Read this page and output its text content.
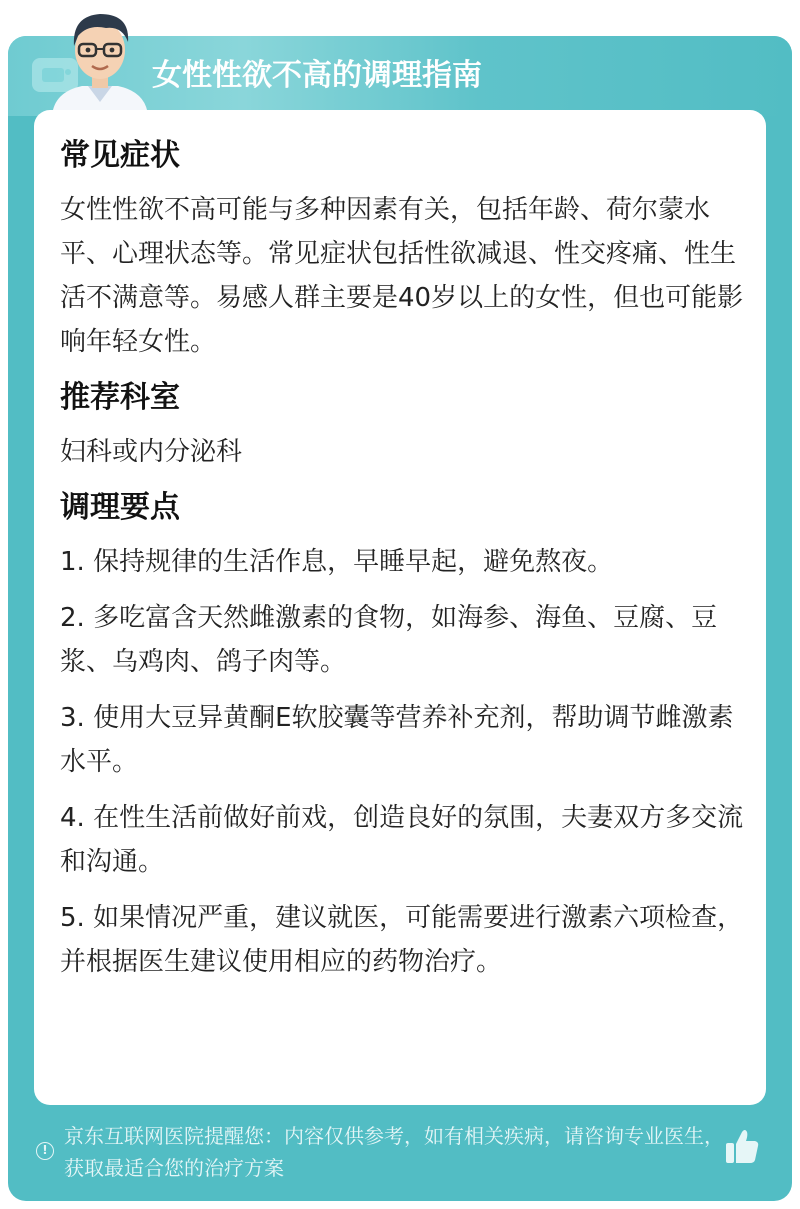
女性性欲不高的调理指南
常见症状

女性性欲不高可能与多种因素有关，包括年龄、荷尔蒙水平、心理状态等。常见症状包括性欲减退、性交疼痛、性生活不满意等。易感人群主要是40岁以上的女性，但也可能影响年轻女性。

推荐科室

妇科或内分泌科

调理要点

1. 保持规律的生活作息，早睡早起，避免熬夜。

2. 多吃富含天然雌激素的食物，如海参、海鱼、豆腐、豆浆、乌鸡肉、鸽子肉等。

3. 使用大豆异黄酮E软胶囊等营养补充剂，帮助调节雌激素水平。

4. 在性生活前做好前戏，创造良好的氛围，夫妻双方多交流和沟通。

5. 如果情况严重，建议就医，可能需要进行激素六项检查，并根据医生建议使用相应的药物治疗。

!
京东互联网医院提醒您：内容仅供参考，如有相关疾病，请咨询专业医生，获取最适合您的治疗方案
